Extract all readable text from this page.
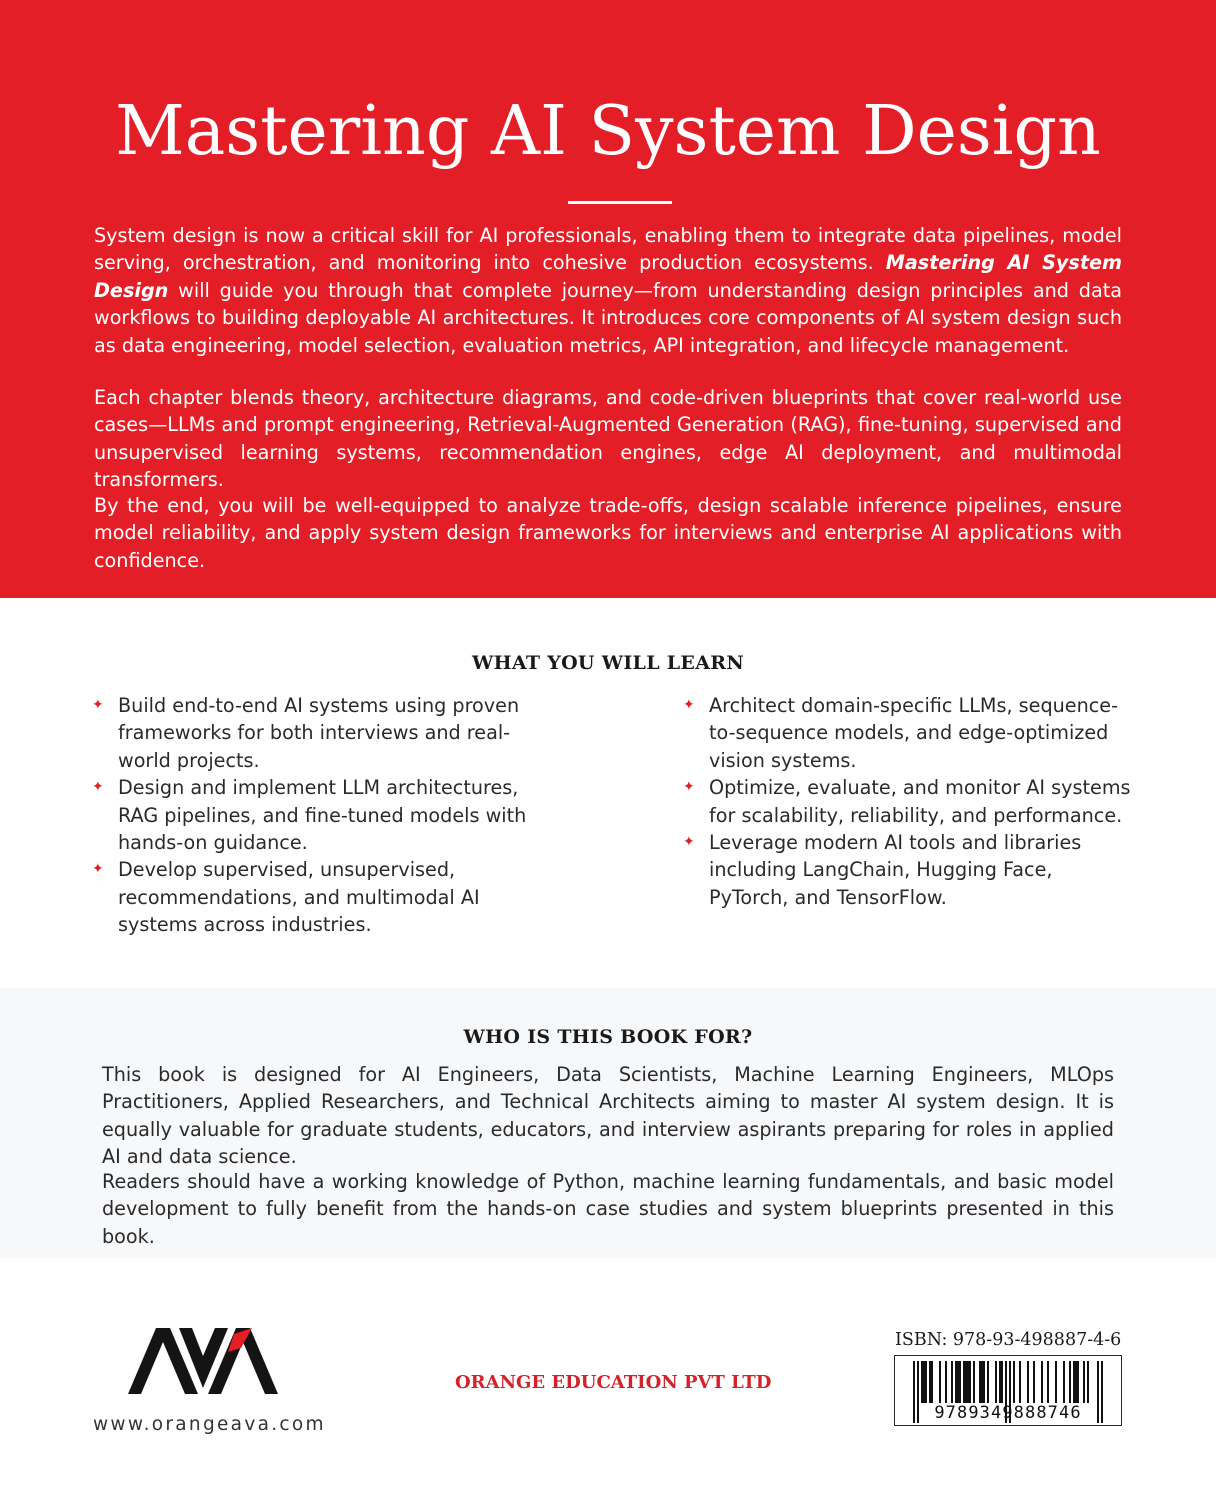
Mastering AI System Design

System design is now a critical skill for AI professionals, enabling them to integrate data pipelines, model serving, orchestration, and monitoring into cohesive production ecosystems. Mastering AI System Design will guide you through that complete journey—from understanding design principles and data workflows to building deployable AI architectures. It introduces core components of AI system design such as data engineering, model selection, evaluation metrics, API integration, and lifecycle management.

Each chapter blends theory, architecture diagrams, and code-driven blueprints that cover real-world use cases—LLMs and prompt engineering, Retrieval-Augmented Generation (RAG), fine-tuning, supervised and unsupervised learning systems, recommendation engines, edge AI deployment, and multimodal transformers.

By the end, you will be well-equipped to analyze trade-offs, design scalable inference pipelines, ensure model reliability, and apply system design frameworks for interviews and enterprise AI applications with confidence.

WHAT YOU WILL LEARN
✦ Build end-to-end AI systems using proven frameworks for both interviews and real-world projects.
✦ Design and implement LLM architectures, RAG pipelines, and fine-tuned models with hands-on guidance.
✦ Develop supervised, unsupervised, recommendations, and multimodal AI systems across industries.
✦ Architect domain-specific LLMs, sequence-to-sequence models, and edge-optimized vision systems.
✦ Optimize, evaluate, and monitor AI systems for scalability, reliability, and performance.
✦ Leverage modern AI tools and libraries including LangChain, Hugging Face, PyTorch, and TensorFlow.
WHO IS THIS BOOK FOR?

This book is designed for AI Engineers, Data Scientists, Machine Learning Engineers, MLOps Practitioners, Applied Researchers, and Technical Architects aiming to master AI system design. It is equally valuable for graduate students, educators, and interview aspirants preparing for roles in applied AI and data science.

Readers should have a working knowledge of Python, machine learning fundamentals, and basic model development to fully benefit from the hands-on case studies and system blueprints presented in this book.

www.orangeava.com
ORANGE EDUCATION PVT LTD
ISBN: 978-93-498887-4-6
9789349888746
